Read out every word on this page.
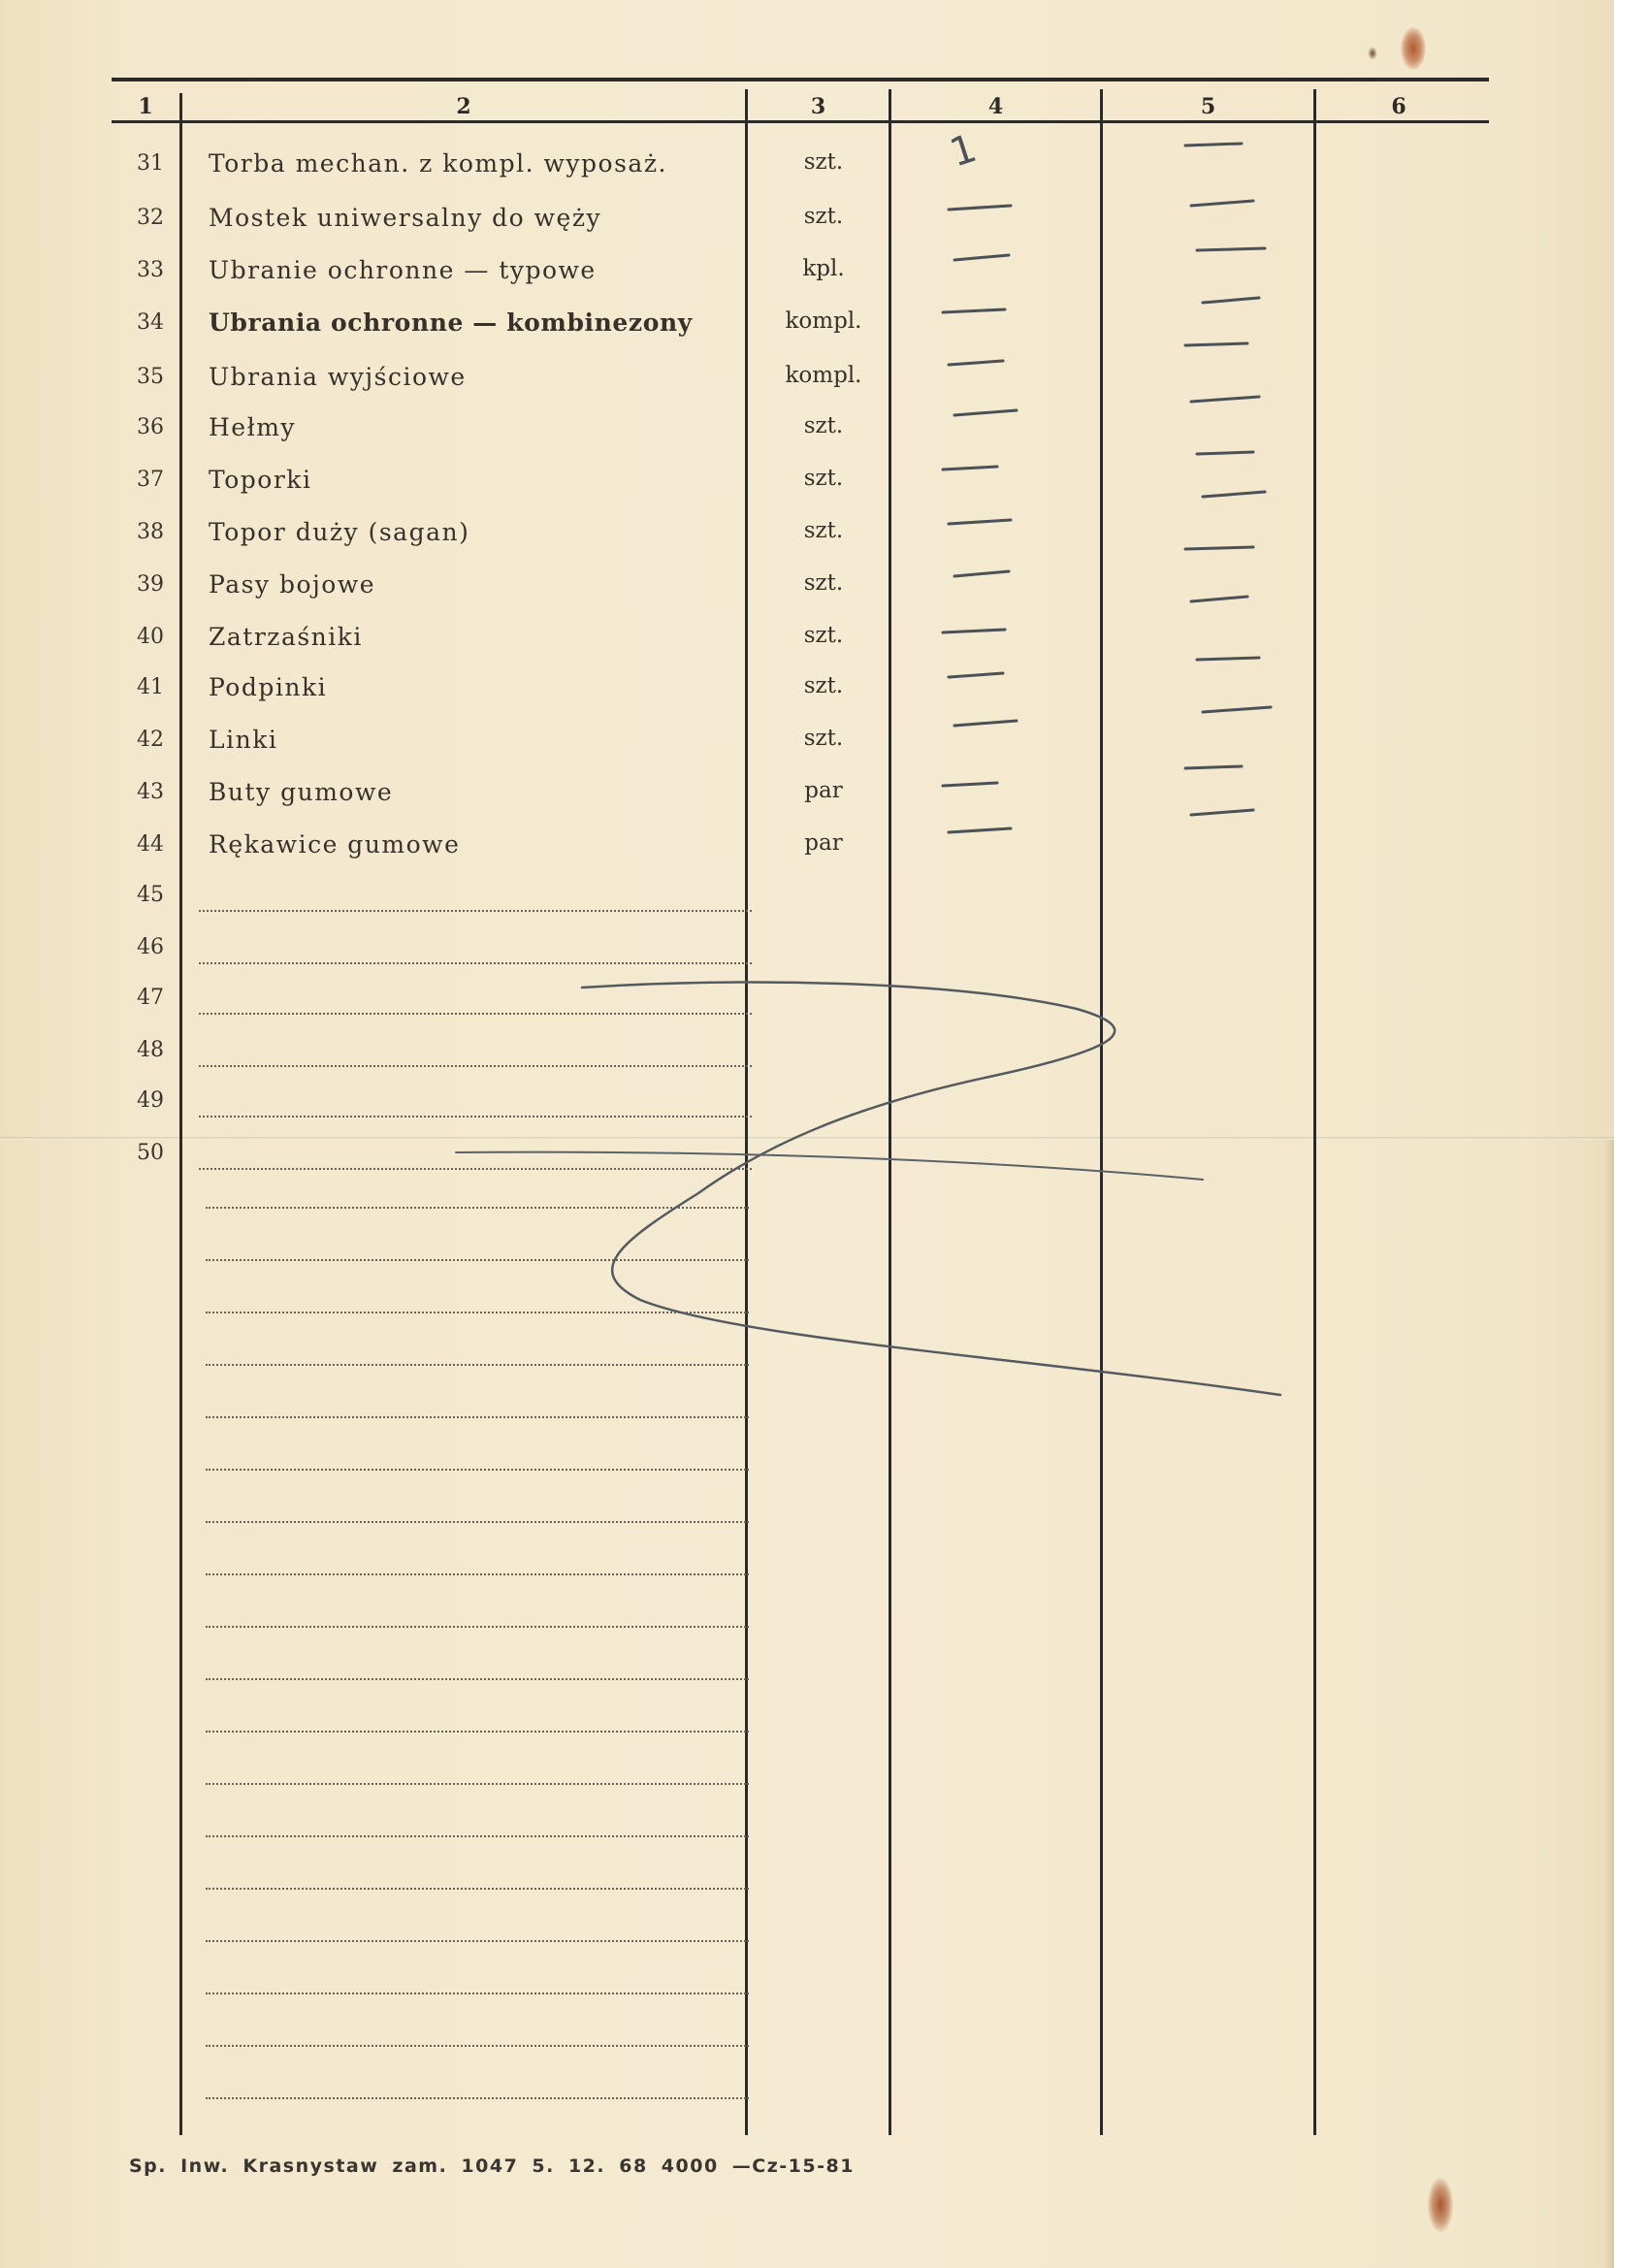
1	2	3	4	5	6
31	Torba mechan. z kompl. wyposaż.	szt.
32	Mostek uniwersalny do węży	szt.
33	Ubranie ochronne — typowe	kpl.
34	Ubrania ochronne — kombinezony	kompl.
35	Ubrania wyjściowe	kompl.
36	Hełmy	szt.
37	Toporki	szt.
38	Topor duży (sagan)	szt.
39	Pasy bojowe	szt.
40	Zatrzaśniki	szt.
41	Podpinki	szt.
42	Linki	szt.
43	Buty gumowe	par
44	Rękawice gumowe	par
45
46
47
48
49
50
1
Sp. Inw. Krasnystaw zam. 1047 5. 12. 68 4000 —Cz-15-81
